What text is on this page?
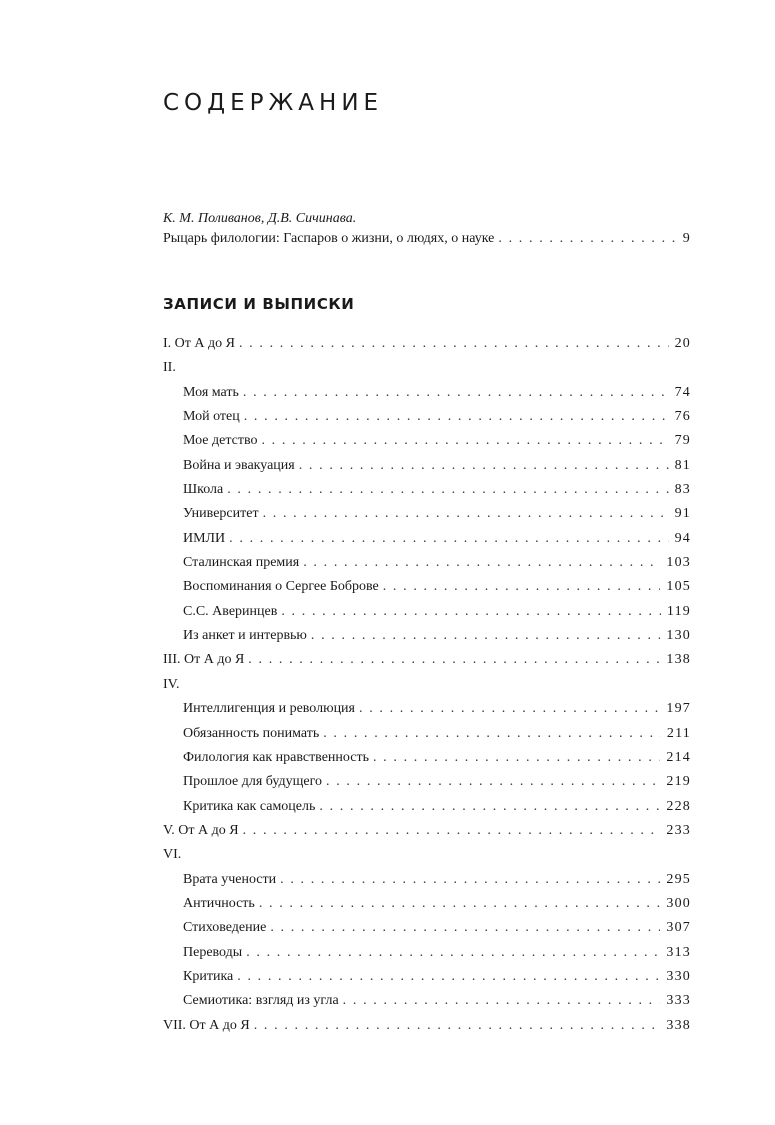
СОДЕРЖАНИЕ
К. М. Поливанов, Д.В. Сичинава.
Рыцарь филологии: Гаспаров о жизни, о людях, о науке . . .	9
ЗАПИСИ И ВЫПИСКИ
I. От А до Я . . .	20
II.
Моя мать . . .	74
Мой отец . . .	76
Мое детство . . .	79
Война и эвакуация . . .	81
Школа . . .	83
Университет . . .	91
ИМЛИ . . .	94
Сталинская премия . . .	103
Воспоминания о Сергее Боброве . . .	105
С.С. Аверинцев . . .	119
Из анкет и интервью . . .	130
III. От А до Я . . .	138
IV.
Интеллигенция и революция . . .	197
Обязанность понимать . . .	211
Филология как нравственность . . .	214
Прошлое для будущего . . .	219
Критика как самоцель . . .	228
V. От А до Я . . .	233
VI.
Врата учености . . .	295
Античность . . .	300
Стиховедение . . .	307
Переводы . . .	313
Критика . . .	330
Семиотика: взгляд из угла . . .	333
VII. От А до Я . . .	338
